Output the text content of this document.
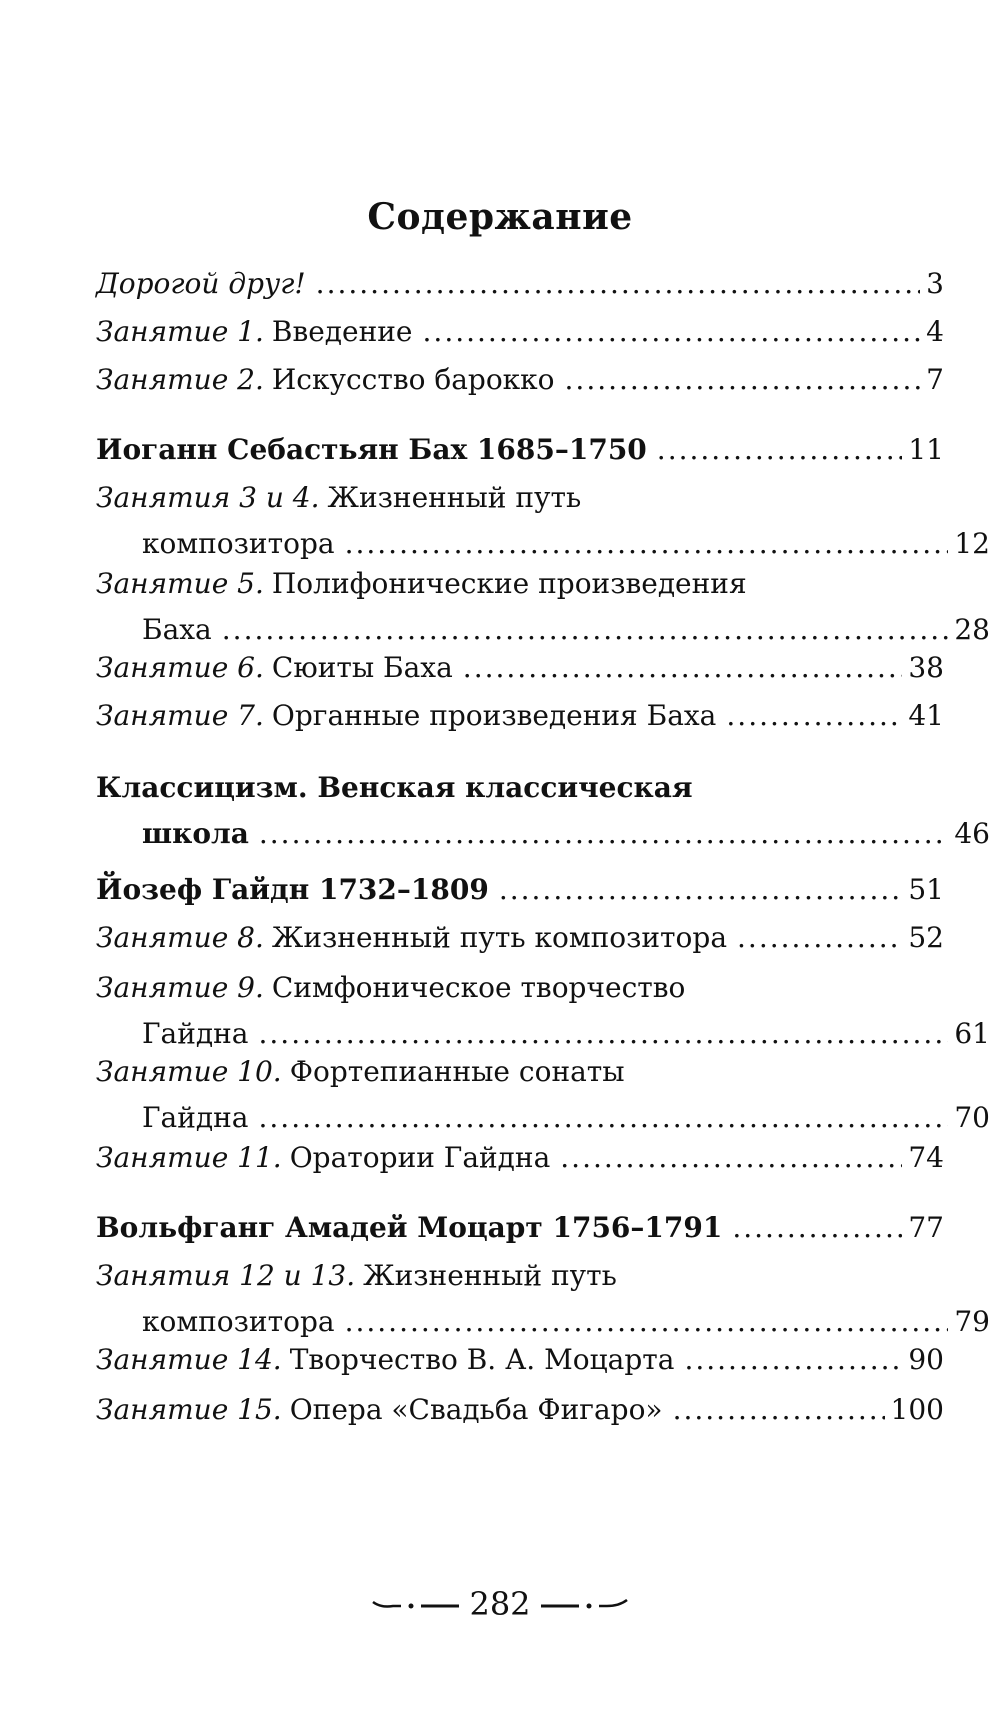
Содержание
Дорогой друг! .....	3
Занятие 1. Введение .....	4
Занятие 2. Искусство барокко .....	7
Иоганн Себастьян Бах 1685–1750 .....	11
Занятия 3 и 4. Жизненный путь
композитора .....	12
Занятие 5. Полифонические произведения
Баха .....	28
Занятие 6. Сюиты Баха .....	38
Занятие 7. Органные произведения Баха .....	41
Классицизм. Венская классическая
школа .....	46
Йозеф Гайдн 1732–1809 .....	51
Занятие 8. Жизненный путь композитора .....	52
Занятие 9. Симфоническое творчество
Гайдна .....	61
Занятие 10. Фортепианные сонаты
Гайдна .....	70
Занятие 11. Оратории Гайдна .....	74
Вольфганг Амадей Моцарт 1756–1791 .....	77
Занятия 12 и 13. Жизненный путь
композитора .....	79
Занятие 14. Творчество В. А. Моцарта .....	90
Занятие 15. Опера «Свадьба Фигаро» .....	100
282
